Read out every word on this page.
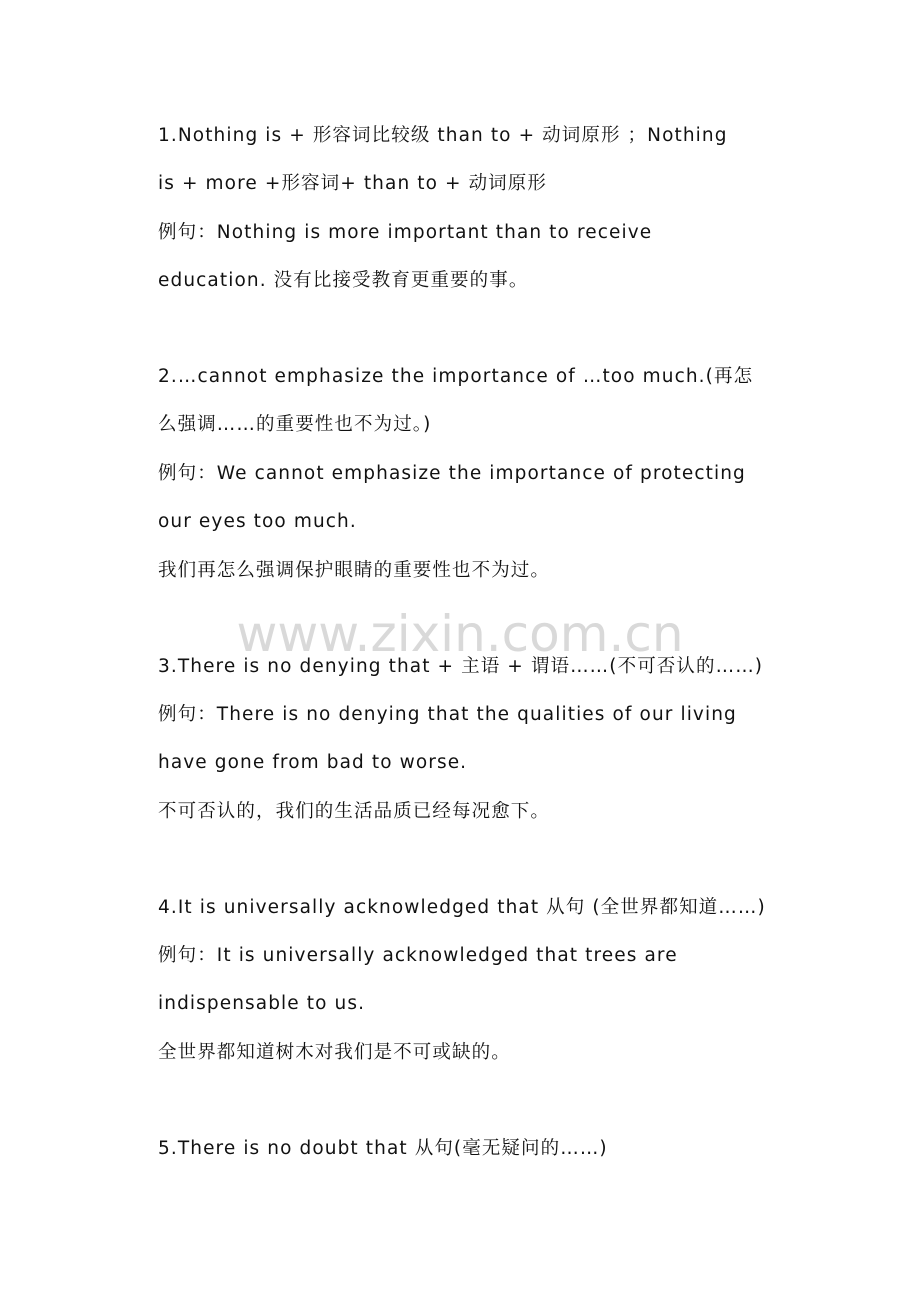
1.Nothing is + 形容词比较级 than to + 动词原形 ；Nothing
is + more +形容词+ than to + 动词原形
例句：Nothing is more important than to receive
education. 没有比接受教育更重要的事。
2.…cannot emphasize the importance of …too much.(再怎
么强调……的重要性也不为过。)
例句：We cannot emphasize the importance of protecting
our eyes too much.
我们再怎么强调保护眼睛的重要性也不为过。
www.zixin.com.cn
3.There is no denying that + 主语 + 谓语……(不可否认的……)
例句：There is no denying that the qualities of our living
have gone from bad to worse.
不可否认的，我们的生活品质已经每况愈下。
4.It is universally acknowledged that 从句 (全世界都知道……)
例句：It is universally acknowledged that trees are
indispensable to us.
全世界都知道树木对我们是不可或缺的。
5.There is no doubt that 从句(毫无疑问的……)
